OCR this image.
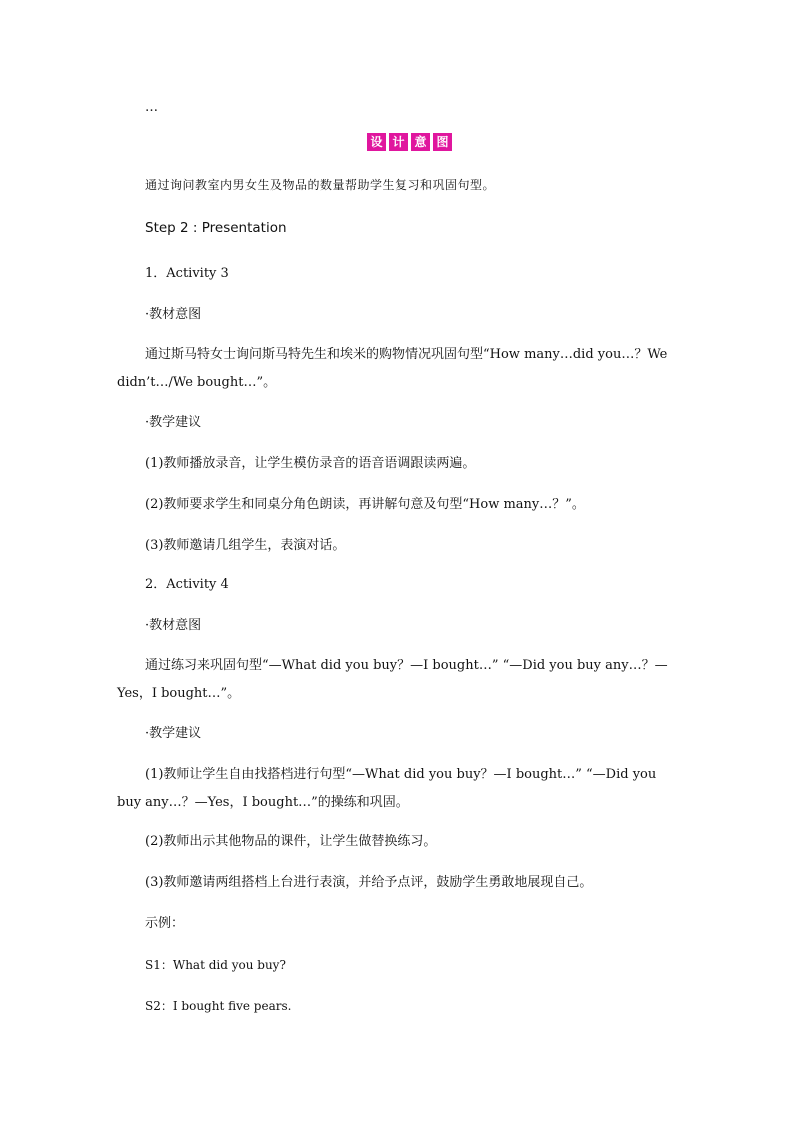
…
设 计 意 图
通过询问教室内男女生及物品的数量帮助学生复习和巩固句型。
Step 2 : Presentation
1．Activity 3
·教材意图
通过斯马特女士询问斯马特先生和埃米的购物情况巩固句型“How many…did you…？We didn’t…/We bought…”。
·教学建议
(1)教师播放录音，让学生模仿录音的语音语调跟读两遍。
(2)教师要求学生和同桌分角色朗读，再讲解句意及句型“How many…？”。
(3)教师邀请几组学生，表演对话。
2．Activity 4
·教材意图
通过练习来巩固句型“—What did you buy？—I bought…” “—Did you buy any…？—Yes，I bought…”。
·教学建议
(1)教师让学生自由找搭档进行句型“—What did you buy？—I bought…” “—Did you buy any…？—Yes，I bought…”的操练和巩固。
(2)教师出示其他物品的课件，让学生做替换练习。
(3)教师邀请两组搭档上台进行表演，并给予点评，鼓励学生勇敢地展现自己。
示例：
S1：What did you buy?
S2：I bought five pears.
